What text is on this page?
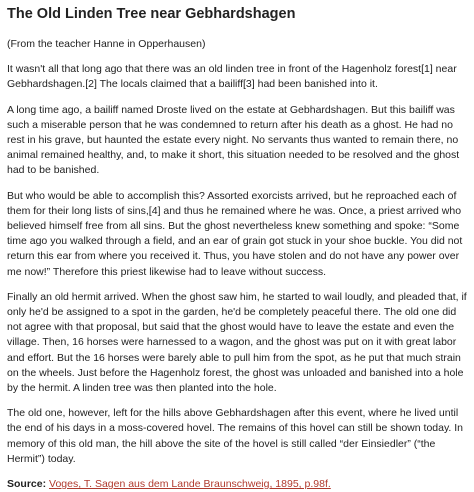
The Old Linden Tree near Gebhardshagen

(From the teacher Hanne in Opperhausen)

It wasn't all that long ago that there was an old linden tree in front of the Hagenholz forest[1] near Gebhardshagen.[2] The locals claimed that a bailiff[3] had been banished into it.

A long time ago, a bailiff named Droste lived on the estate at Gebhardshagen. But this bailiff was such a miserable person that he was condemned to return after his death as a ghost. He had no rest in his grave, but haunted the estate every night. No servants thus wanted to remain there, no animal remained healthy, and, to make it short, this situation needed to be resolved and the ghost had to be banished.

But who would be able to accomplish this? Assorted exorcists arrived, but he reproached each of them for their long lists of sins,[4] and thus he remained where he was. Once, a priest arrived who believed himself free from all sins. But the ghost nevertheless knew something and spoke: “Some time ago you walked through a field, and an ear of grain got stuck in your shoe buckle. You did not return this ear from where you received it. Thus, you have stolen and do not have any power over me now!” Therefore this priest likewise had to leave without success.

Finally an old hermit arrived. When the ghost saw him, he started to wail loudly, and pleaded that, if only he'd be assigned to a spot in the garden, he'd be completely peaceful there. The old one did not agree with that proposal, but said that the ghost would have to leave the estate and even the village. Then, 16 horses were harnessed to a wagon, and the ghost was put on it with great labor and effort. But the 16 horses were barely able to pull him from the spot, as he put that much strain on the wheels. Just before the Hagenholz forest, the ghost was unloaded and banished into a hole by the hermit. A linden tree was then planted into the hole.

The old one, however, left for the hills above Gebhardshagen after this event, where he lived until the end of his days in a moss-covered hovel. The remains of this hovel can still be shown today. In memory of this old man, the hill above the site of the hovel is still called “der Einsiedler” (“the Hermit”) today.

Source: Voges, T. Sagen aus dem Lande Braunschweig, 1895, p.98f.
